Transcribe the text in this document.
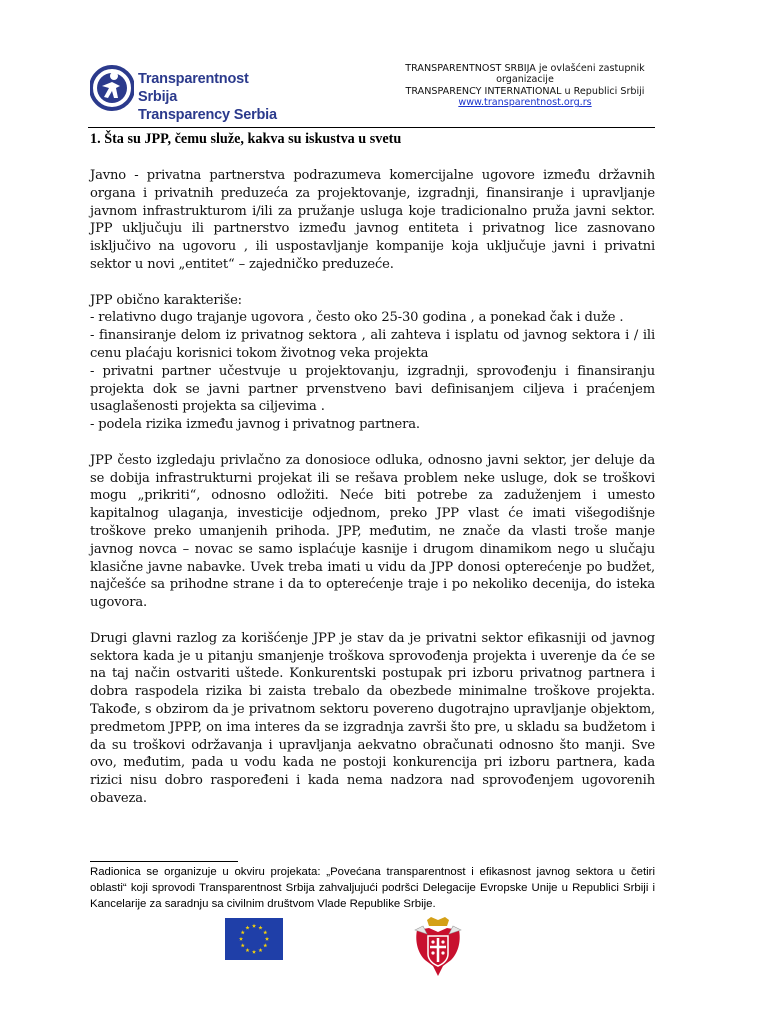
Transparentnost Srbija
Transparency Serbia
TRANSPARENTNOST SRBIJA je ovlašćeni zastupnik
organizacije
TRANSPARENCY INTERNATIONAL u Republici Srbiji
www.transparentnost.org.rs
1. Šta su JPP, čemu služe, kakva su iskustva u svetu

Javno - privatna partnerstva podrazumeva komercijalne ugovore između državnih organa i privatnih preduzeća za projektovanje, izgradnji, finansiranje i upravljanje javnom infrastrukturom i/ili za pružanje usluga koje tradicionalno pruža javni sektor. JPP uključuju ili partnerstvo između javnog entiteta i privatnog lice zasnovano isključivo na ugovoru , ili uspostavljanje kompanije koja uključuje javni i privatni sektor u novi „entitet“ – zajedničko preduzeće.

JPP obično karakteriše:
- relativno dugo trajanje ugovora , često oko 25-30 godina , a ponekad čak i duže .
- finansiranje delom iz privatnog sektora , ali zahteva i isplatu od javnog sektora i / ili cenu plaćaju korisnici tokom životnog veka projekta
- privatni partner učestvuje u projektovanju, izgradnji, sprovođenju i finansiranju projekta dok se javni partner prvenstveno bavi definisanjem ciljeva i praćenjem usaglašenosti projekta sa ciljevima .
- podela rizika između javnog i privatnog partnera.

JPP često izgledaju privlačno za donosioce odluka, odnosno javni sektor, jer deluje da se dobija infrastrukturni projekat ili se rešava problem neke usluge, dok se troškovi mogu „prikriti“, odnosno odložiti. Neće biti potrebe za zaduženjem i umesto kapitalnog ulaganja, investicije odjednom, preko JPP vlast će imati višegodišnje troškove preko umanjenih prihoda. JPP, međutim, ne znače da vlasti troše manje javnog novca – novac se samo isplaćuje kasnije i drugom dinamikom nego u slučaju klasične javne nabavke. Uvek treba imati u vidu da JPP donosi opterećenje po budžet, najčešće sa prihodne strane i da to opterećenje traje i po nekoliko decenija, do isteka ugovora.

Drugi glavni razlog za korišćenje JPP je stav da je privatni sektor efikasniji od javnog sektora kada je u pitanju smanjenje troškova sprovođenja projekta i uverenje da će se na taj način ostvariti uštede. Konkurentski postupak pri izboru privatnog partnera i dobra raspodela rizika bi zaista trebalo da obezbede minimalne troškove projekta. Takođe, s obzirom da je privatnom sektoru povereno dugotrajno upravljanje objektom, predmetom JPPP, on ima interes da se izgradnja završi što pre, u skladu sa budžetom i da su troškovi održavanja i upravljanja aekvatno obračunati odnosno što manji. Sve ovo, međutim, pada u vodu kada ne postoji konkurencija pri izboru partnera, kada rizici nisu dobro raspoređeni i kada nema nadzora nad sprovođenjem ugovorenih obaveza.

Radionica se organizuje u okviru projekata: „Povećana transparentnost i efikasnost javnog sektora u četiri oblasti“ koji sprovodi Transparentnost Srbija zahvaljujući podršci Delegacije Evropske Unije u Republici Srbiji i Kancelarije za saradnju sa civilnim društvom Vlade Republike Srbije.
